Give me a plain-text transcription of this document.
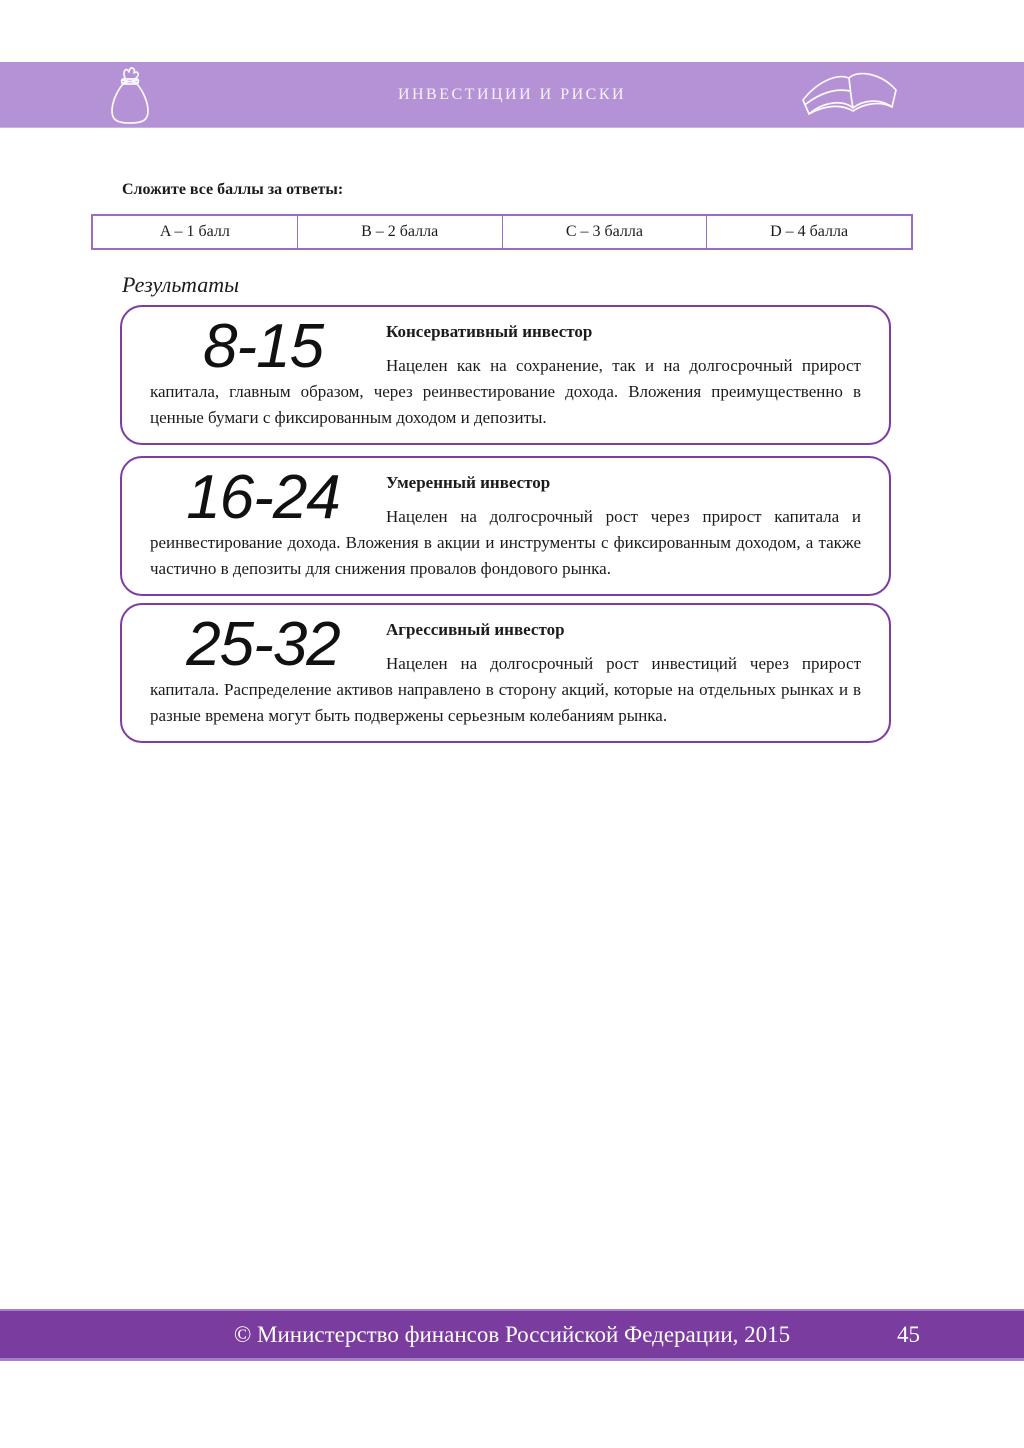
ИНВЕСТИЦИИ И РИСКИ
Сложите все баллы за ответы:
A – 1 балл	B – 2 балла	C – 3 балла	D – 4 балла
Результаты
8-15	Консервативный инвестор
Нацелен как на сохранение, так и на долгосрочный прирост капитала, главным образом, через реинвестирование дохода. Вложения преимущественно в ценные бумаги с фиксированным доходом и депозиты.
16-24	Умеренный инвестор
Нацелен на долгосрочный рост через прирост капитала и реинвестирование дохода. Вложения в акции и инструменты с фиксированным доходом, а также частично в депозиты для снижения провалов фондового рынка.
25-32	Агрессивный инвестор
Нацелен на долгосрочный рост инвестиций через прирост капитала. Распределение активов направлено в сторону акций, которые на отдельных рынках и в разные времена могут быть подвержены серьезным колебаниям рынка.
© Министерство финансов Российской Федерации, 2015	45
